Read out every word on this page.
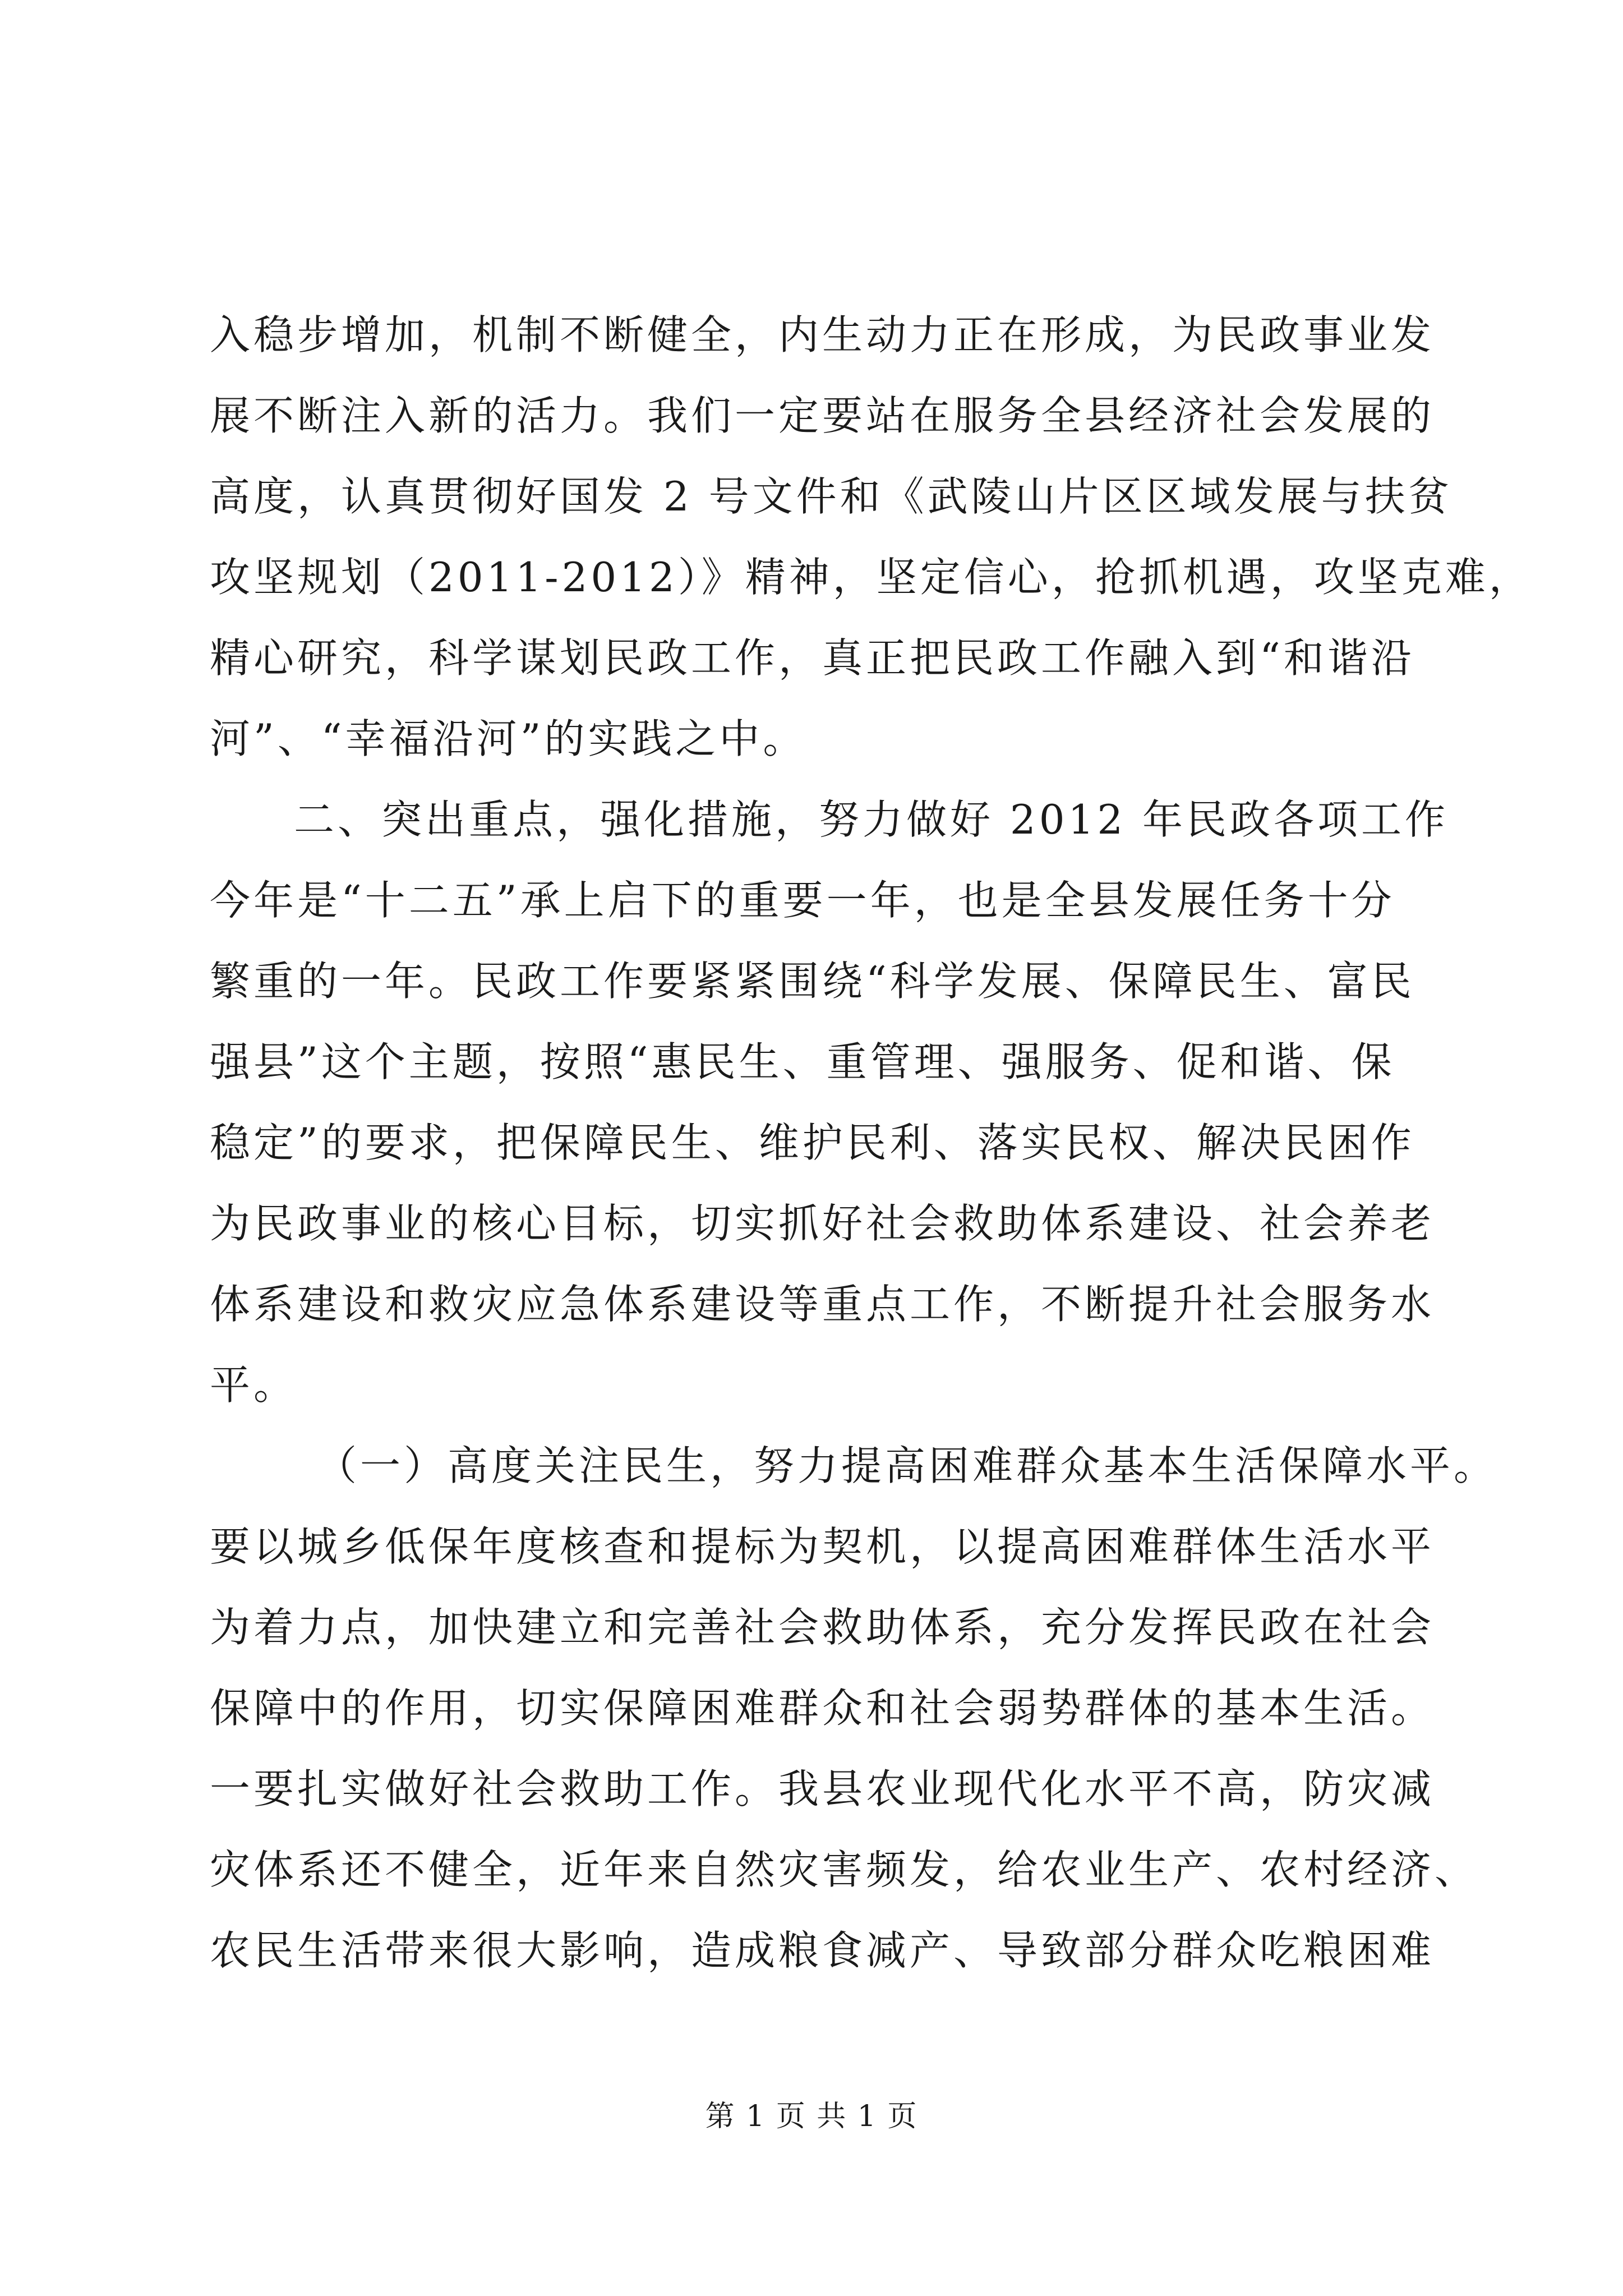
入稳步增加，机制不断健全，内生动力正在形成，为民政事业发
展不断注入新的活力。我们一定要站在服务全县经济社会发展的
高度，认真贯彻好国发 2 号文件和《武陵山片区区域发展与扶贫
攻坚规划（2011-2012）》精神，坚定信心，抢抓机遇，攻坚克难，
精心研究，科学谋划民政工作，真正把民政工作融入到“和谐沿
河”、“幸福沿河”的实践之中。
二、突出重点，强化措施，努力做好 2012 年民政各项工作
今年是“十二五”承上启下的重要一年，也是全县发展任务十分
繁重的一年。民政工作要紧紧围绕“科学发展、保障民生、富民
强县”这个主题，按照“惠民生、重管理、强服务、促和谐、保
稳定”的要求，把保障民生、维护民利、落实民权、解决民困作
为民政事业的核心目标，切实抓好社会救助体系建设、社会养老
体系建设和救灾应急体系建设等重点工作，不断提升社会服务水
平。
（一）高度关注民生，努力提高困难群众基本生活保障水平。
要以城乡低保年度核查和提标为契机，以提高困难群体生活水平
为着力点，加快建立和完善社会救助体系，充分发挥民政在社会
保障中的作用，切实保障困难群众和社会弱势群体的基本生活。
一要扎实做好社会救助工作。我县农业现代化水平不高，防灾减
灾体系还不健全，近年来自然灾害频发，给农业生产、农村经济、
农民生活带来很大影响，造成粮食减产、导致部分群众吃粮困难
第 1 页 共 1 页
